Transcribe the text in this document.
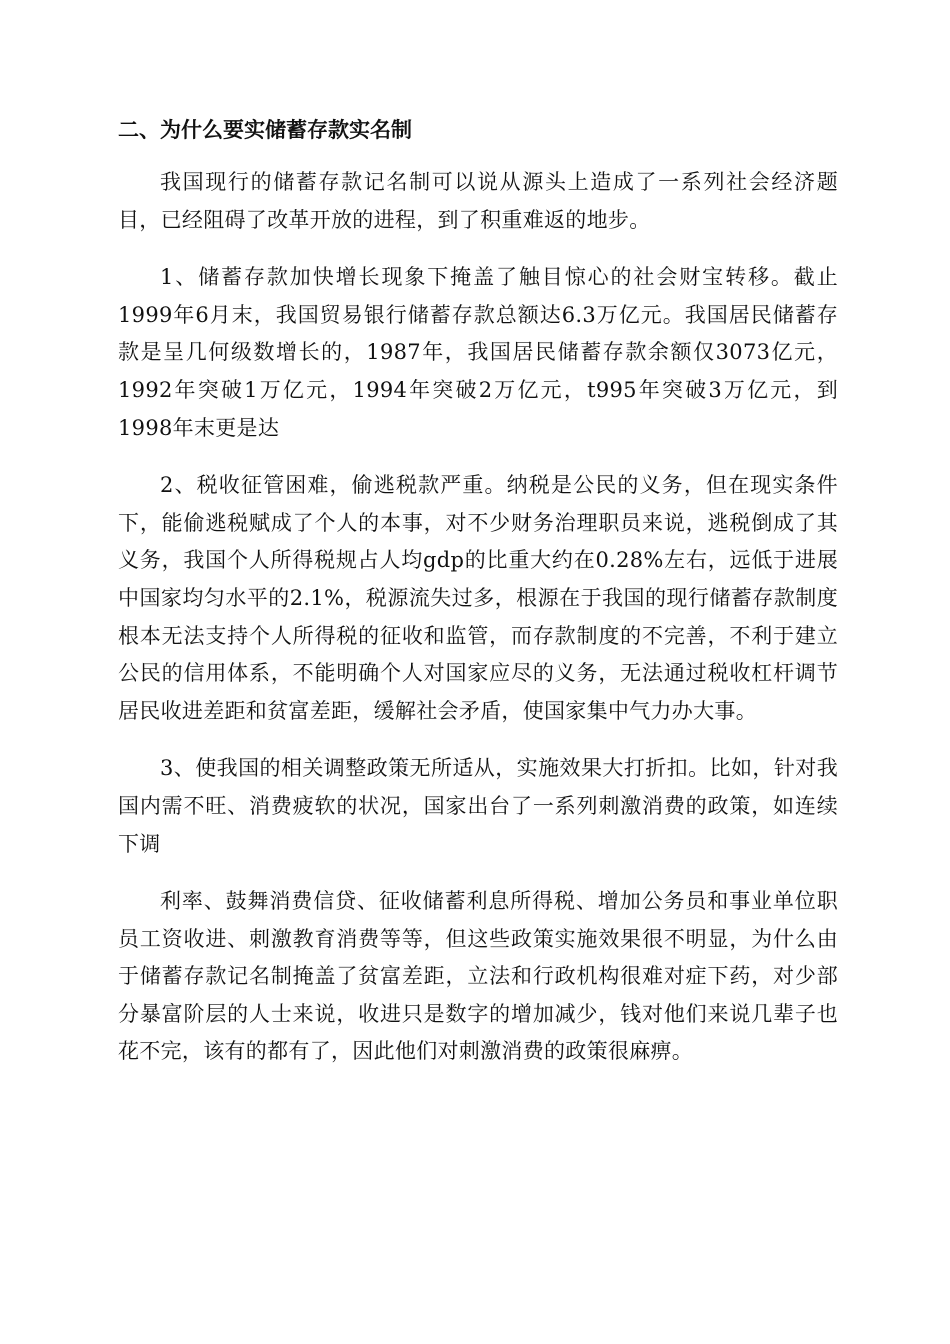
二、为什么要实储蓄存款实名制

我国现行的储蓄存款记名制可以说从源头上造成了一系列社会经济题目，已经阻碍了改革开放的进程，到了积重难返的地步。

1、储蓄存款加快增长现象下掩盖了触目惊心的社会财宝转移。截止1999年6月末，我国贸易银行储蓄存款总额达6.3万亿元。我国居民储蓄存款是呈几何级数增长的，1987年，我国居民储蓄存款余额仅3073亿元，1992年突破1万亿元，1994年突破2万亿元，t995年突破3万亿元，到1998年末更是达

2、税收征管困难，偷逃税款严重。纳税是公民的义务，但在现实条件下，能偷逃税赋成了个人的本事，对不少财务治理职员来说，逃税倒成了其义务，我国个人所得税规占人均gdp的比重大约在0.28%左右，远低于进展中国家均匀水平的2.1%，税源流失过多，根源在于我国的现行储蓄存款制度根本无法支持个人所得税的征收和监管，而存款制度的不完善，不利于建立公民的信用体系，不能明确个人对国家应尽的义务，无法通过税收杠杆调节居民收进差距和贫富差距，缓解社会矛盾，使国家集中气力办大事。

3、使我国的相关调整政策无所适从，实施效果大打折扣。比如，针对我国内需不旺、消费疲软的状况，国家出台了一系列刺激消费的政策，如连续下调

利率、鼓舞消费信贷、征收储蓄利息所得税、增加公务员和事业单位职员工资收进、刺激教育消费等等，但这些政策实施效果很不明显，为什么由于储蓄存款记名制掩盖了贫富差距，立法和行政机构很难对症下药，对少部分暴富阶层的人士来说，收进只是数字的增加减少，钱对他们来说几辈子也花不完，该有的都有了，因此他们对刺激消费的政策很麻痹。
